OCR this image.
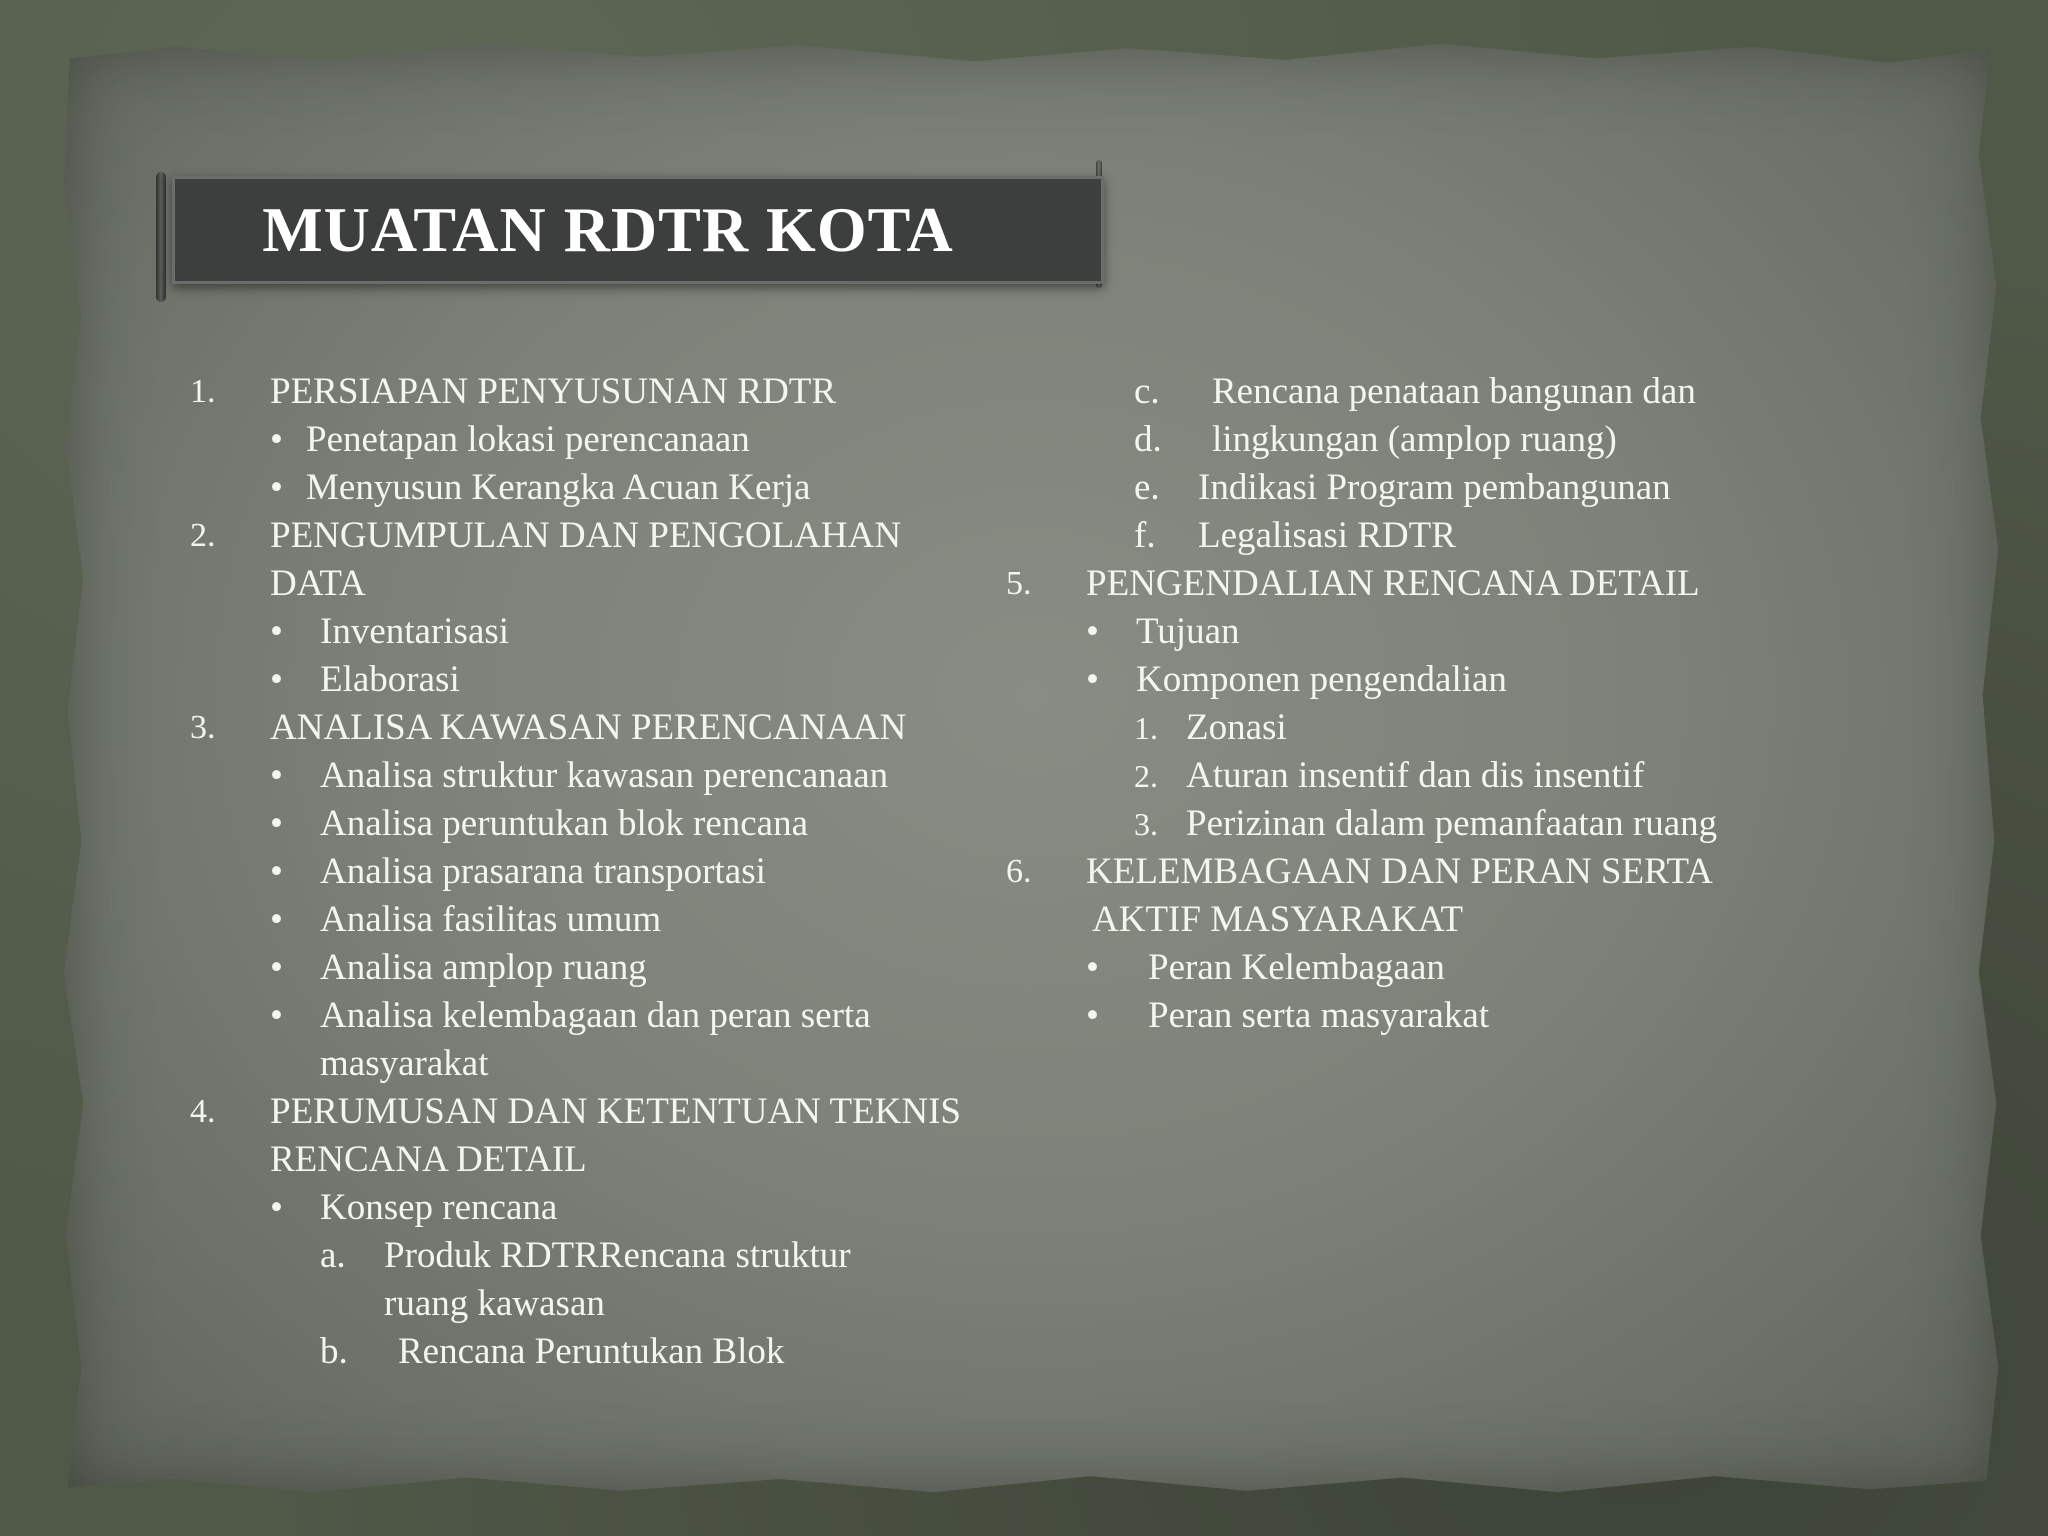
MUATAN RDTR KOTA
1.	PERSIAPAN PENYUSUNAN RDTR
• Penetapan lokasi perencanaan
• Menyusun Kerangka Acuan Kerja
2.	PENGUMPULAN DAN PENGOLAHAN
DATA
•	Inventarisasi
•	Elaborasi
3.	ANALISA KAWASAN PERENCANAAN
•	Analisa struktur kawasan perencanaan
•	Analisa peruntukan blok rencana
•	Analisa prasarana transportasi
•	Analisa fasilitas umum
•	Analisa amplop ruang
•	Analisa kelembagaan dan peran serta
masyarakat
4.	PERUMUSAN DAN KETENTUAN TEKNIS
RENCANA DETAIL
•	Konsep rencana
a.	Produk RDTRRencana struktur
ruang kawasan
b.	Rencana Peruntukan Blok
c.	Rencana penataan bangunan dan
d.	lingkungan (amplop ruang)
e.	Indikasi Program pembangunan
f.	Legalisasi RDTR
5.	PENGENDALIAN RENCANA DETAIL
•	Tujuan
•	Komponen pengendalian
1. Zonasi
2. Aturan insentif dan dis insentif
3. Perizinan dalam pemanfaatan ruang
6.	KELEMBAGAAN DAN PERAN SERTA
AKTIF MASYARAKAT
•	Peran Kelembagaan
•	Peran serta masyarakat
